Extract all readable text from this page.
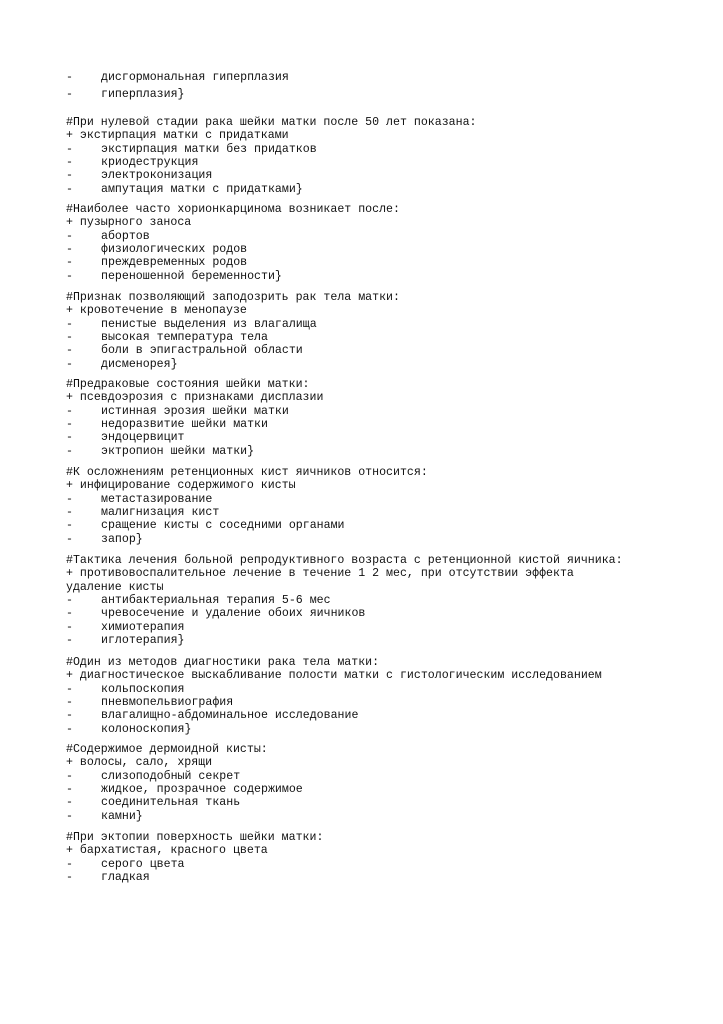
- дисгормональная гиперплазия
- гиперплазия}
#При нулевой стадии рака шейки матки после 50 лет показана:
+ экстирпация матки с придатками
- экстирпация матки без придатков
- криодеструкция
- электроконизация
- ампутация матки с придатками}
#Наиболее часто хорионкарцинома возникает после:
+ пузырного заноса
- абортов
- физиологических родов
- преждевременных родов
- переношенной беременности}
#Признак позволяющий заподозрить рак тела матки:
+ кровотечение в менопаузе
- пенистые выделения из влагалища
- высокая температура тела
- боли в эпигастральной области
- дисменорея}
#Предраковые состояния шейки матки:
+ псевдоэрозия с признаками дисплазии
- истинная эрозия шейки матки
- недоразвитие шейки матки
- эндоцервицит
- эктропион шейки матки}
#К осложнениям ретенционных кист яичников относится:
+ инфицирование содержимого кисты
- метастазирование
- малигнизация кист
- сращение кисты с соседними органами
- запор}
#Тактика лечения больной репродуктивного возраста с ретенционной кистой яичника:
+ противовоспалительное лечение в течение 1 2 мес, при отсутствии эффекта
удаление кисты
- антибактериальная терапия 5-6 мес
- чревосечение и удаление обоих яичников
- химиотерапия
- иглотерапия}
#Один из методов диагностики рака тела матки:
+ диагностическое выскабливание полости матки с гистологическим исследованием
- кольпоскопия
- пневмопельвиография
- влагалищно-абдоминальное исследование
- колоноскопия}
#Содержимое дермоидной кисты:
+ волосы, сало, хрящи
- слизоподобный секрет
- жидкое, прозрачное содержимое
- соединительная ткань
- камни}
#При эктопии поверхность шейки матки:
+ бархатистая, красного цвета
- серого цвета
- гладкая
